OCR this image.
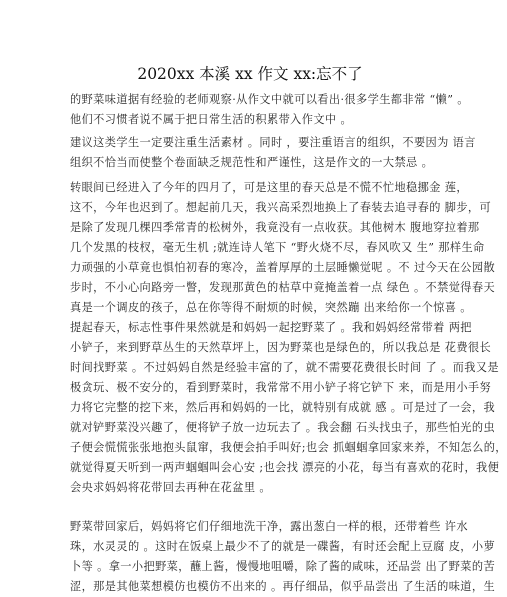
2020xx 本溪 xx 作文 xx:忘不了
的野菜味道据有经验的老师观察·从作文中就可以看出·很多学生都非常 “懒” 。
他们不习惯者说不属于把日常生活的积累带入作文中 。
建议这类学生一定要注重生活素材 。同时 ，要注重语言的组织，不要因为 语言
组织不恰当而使整个卷面缺乏规范性和严谨性，这是作文的一大禁忌 。
转眼间已经进入了今年的四月了，可是这里的春天总是不慌不忙地稳挪金 莲，
这不，今年也迟到了。想起前几天，我兴高采烈地换上了春装去追寻春的 脚步，可
是除了发现几棵四季常青的松树外，我竟没有一点收获。其他树木 腹地穿拉着那
几个发黑的枝杈，毫无生机 ;就连诗人笔下 “野火烧不尽，春风吹又 生” 那样生命
力顽强的小草竟也惧怕初春的寒冷，盖着厚厚的土层睡懒觉呢 。不 过今天在公园散
步时，不小心向路旁一瞥，发现那黄色的枯草中竟掩盖着一点 绿色 。不禁觉得春天
真是一个调皮的孩子，总在你等得不耐烦的时候，突然蹦 出来给你一个惊喜 。
提起春天，标志性事件果然就是和妈妈一起挖野菜了 。我和妈妈经常带着 两把
小铲子，来到野草丛生的天然草坪上，因为野菜也是绿色的，所以我总是 花费很长
时间找野菜 。不过妈妈自然是经验丰富的了，就不需要花费很长时间 了 。而我又是
极贪玩、极不安分的，看到野菜时，我常常不用小铲子将它铲下 来，而是用小手努
力将它完整的挖下来，然后再和妈妈的一比，就特别有成就 感 。可是过了一会，我
就对铲野菜没兴趣了，便将铲子放一边玩去了 。我会翻 石头找虫子，那些怕光的虫
子便会慌慌张张地抱头鼠窜，我便会拍手叫好;也会 抓蝈蝈拿回家来养，不知怎么的，
就觉得夏天听到一两声蝈蝈叫会心安 ;也会找 漂亮的小花，每当有喜欢的花时，我便
会央求妈妈将花带回去再种在花盆里 。
野菜带回家后，妈妈将它们仔细地洗干净，露出葱白一样的根，还带着些 许水
珠，水灵灵的 。这时在饭桌上最少不了的就是一碟酱，有时还会配上豆腐 皮，小萝
卜等 。拿一小把野菜，蘸上酱，慢慢地咀嚼，除了酱的咸味，还品尝 出了野菜的苦
涩，那是其他菜想模仿也模仿不出来的 。再仔细品，似乎品尝出 了生活的味道，生
